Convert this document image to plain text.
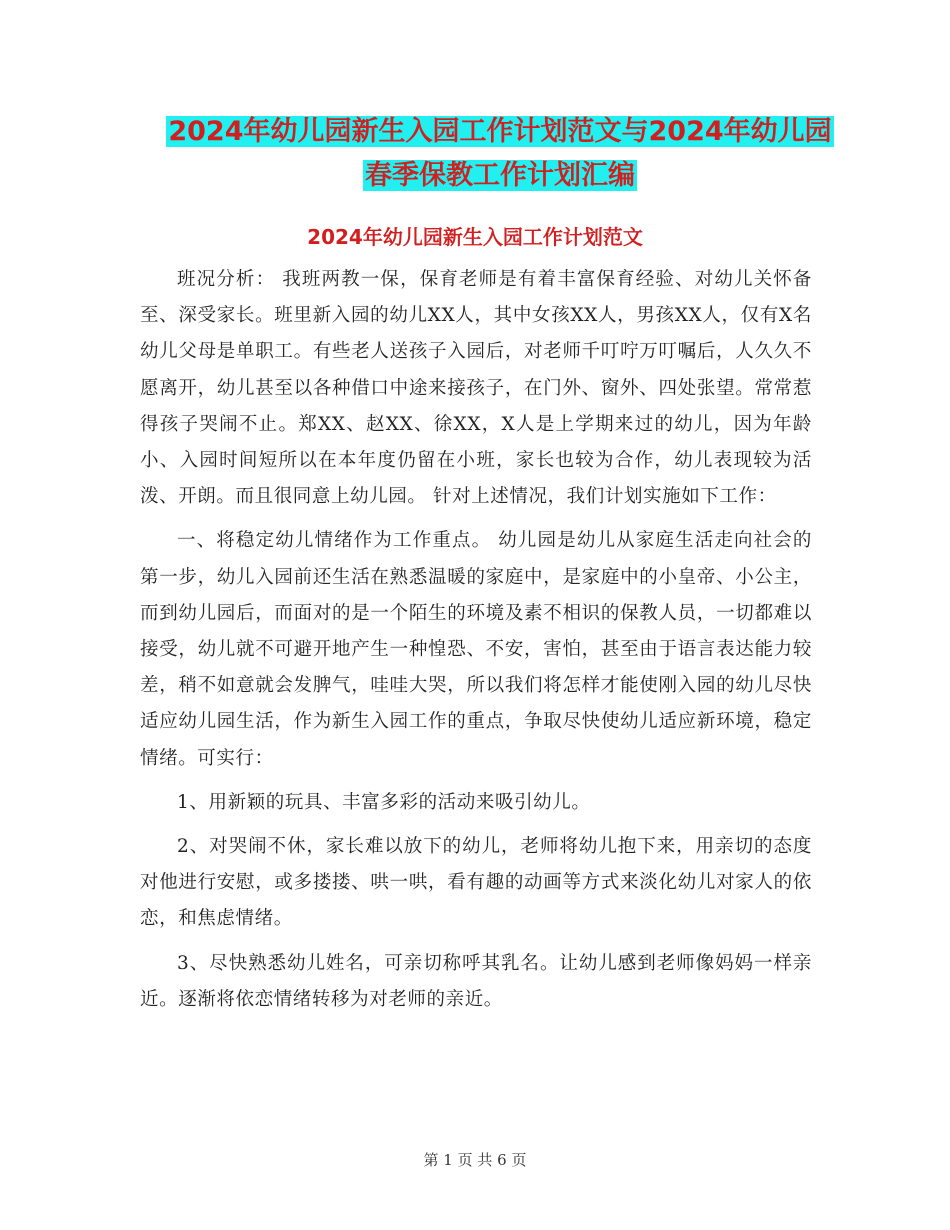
2024年幼儿园新生入园工作计划范文与2024年幼儿园
春季保教工作计划汇编
2024年幼儿园新生入园工作计划范文

班况分析： 我班两教一保，保育老师是有着丰富保育经验、对幼儿关怀备至、深受家长。班里新入园的幼儿XX人，其中女孩XX人，男孩XX人，仅有X名幼儿父母是单职工。有些老人送孩子入园后，对老师千叮咛万叮嘱后，人久久不愿离开，幼儿甚至以各种借口中途来接孩子，在门外、窗外、四处张望。常常惹得孩子哭闹不止。郑XX、赵XX、徐XX，X人是上学期来过的幼儿，因为年龄小、入园时间短所以在本年度仍留在小班，家长也较为合作，幼儿表现较为活泼、开朗。而且很同意上幼儿园。 针对上述情况，我们计划实施如下工作：

一、将稳定幼儿情绪作为工作重点。 幼儿园是幼儿从家庭生活走向社会的第一步，幼儿入园前还生活在熟悉温暖的家庭中，是家庭中的小皇帝、小公主，而到幼儿园后，而面对的是一个陌生的环境及素不相识的保教人员，一切都难以接受，幼儿就不可避开地产生一种惶恐、不安，害怕，甚至由于语言表达能力较差，稍不如意就会发脾气，哇哇大哭，所以我们将怎样才能使刚入园的幼儿尽快适应幼儿园生活，作为新生入园工作的重点，争取尽快使幼儿适应新环境，稳定情绪。可实行：

1、用新颖的玩具、丰富多彩的活动来吸引幼儿。

2、对哭闹不休，家长难以放下的幼儿，老师将幼儿抱下来，用亲切的态度对他进行安慰，或多搂搂、哄一哄，看有趣的动画等方式来淡化幼儿对家人的依恋，和焦虑情绪。

3、尽快熟悉幼儿姓名，可亲切称呼其乳名。让幼儿感到老师像妈妈一样亲近。逐渐将依恋情绪转移为对老师的亲近。

第 1 页 共 6 页
